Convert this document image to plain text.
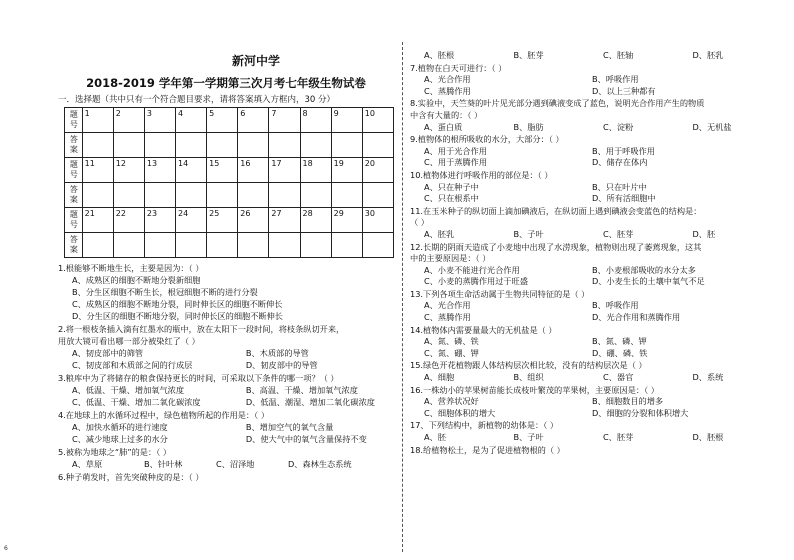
新河中学
2018-2019 学年第一学期第三次月考七年级生物试卷
一．选择题（共中只有一个符合题目要求，请将答案填入方框内，30 分）
题号	1	2	3	4	5	6	7	8	9	10
答案										
题号	11	12	13	14	15	16	17	18	19	20
答案										
题号	21	22	23	24	25	26	27	28	29	30
答案										
1.根能够不断地生长，主要是因为：（ ）
A、成熟区的细胞不断地分裂新细胞
B、分生区细胞不断生长，根冠细胞不断的进行分裂
C、成熟区的细胞不断地分裂，同时伸长区的细胞不断伸长
D、分生区的细胞不断地分裂，同时伸长区的细胞不断伸长
2.将一根枝条插入滴有红墨水的瓶中，放在太阳下一段时间，将枝条纵切开来，
用放大镜可看出哪一部分被染红了（ ）
A、韧皮部中的筛管	B、木质部的导管
C、韧皮部和木质部之间的行成层	D、韧皮部中的导管
3.粮库中为了将储存的粮食保持更长的时间，可采取以下条件的哪一项？（ ）
A、低温、干燥、增加氧气浓度	B、高温、干燥、增加氧气浓度
C、低温、干燥、增加二氧化碳浓度	D、低温、潮湿、增加二氧化碳浓度
4.在地球上的水循环过程中，绿色植物所起的作用是：（ ）
A、加快水循环的进行速度	B、增加空气的氧气含量
C、减少地球上过多的水分	D、使大气中的氧气含量保持不变
5.被称为地球之“肺”的是：（ ）
A、草原	B、针叶林	C、沼泽地	D、森林生态系统
6.种子萌发时，首先突破种皮的是：（ ）
A、胚根	B、胚芽	C、胚轴	D、胚乳
7.植物在白天可进行：（ ）
A、光合作用	B、呼吸作用
C、蒸腾作用	D、以上三种都有
8.实验中，天竺葵的叶片见光部分遇到碘液变成了蓝色，说明光合作用产生的物质
中含有大量的：（ ）
A、蛋白质	B、脂肪	C、淀粉	D、无机盐
9.植物体的根所吸收的水分，大部分：（ ）
A、用于光合作用	B、用于呼吸作用
C、用于蒸腾作用	D、储存在体内
10.植物体进行呼吸作用的部位是：（ ）
A、只在种子中	B、只在叶片中
C、只在根系中	D、所有活细胞中
11.在玉米种子的纵切面上滴加碘液后，在纵切面上遇到碘液会变蓝色的结构是：
（ ）
A、胚乳	B、子叶	C、胚芽	D、胚
12.长期的阴雨天造成了小麦地中出现了水涝现象，植物则出现了萎蔫现象，这其
中的主要原因是：（ ）
A、小麦不能进行光合作用	B、小麦根部吸收的水分太多
C、小麦的蒸腾作用过于旺盛	D、小麦生长的土壤中氧气不足
13.下列各项生命活动属于生物共同特征的是（ ）
A、光合作用	B、呼吸作用
C、蒸腾作用	D、光合作用和蒸腾作用
14.植物体内需要量最大的无机盐是（ ）
A、氮、磷、铁	B、氮、磷、钾
C、氮、硼、钾	D、硼、磷、铁
15.绿色开花植物跟人体结构层次相比较，没有的结构层次是（ ）
A、细胞	B、组织	C、器官	D、系统
16.一株幼小的苹果树苗能长成枝叶繁茂的苹果树，主要原因是：（ ）
A、营养状况好	B、细胞数目的增多
C、细胞体积的增大	D、细胞的分裂和体积增大
17、下列结构中，新植物的幼体是：（ ）
A、胚	B、子叶	C、胚芽	D、胚根
18.给植物松土，是为了促进植物根的（ ）
6
